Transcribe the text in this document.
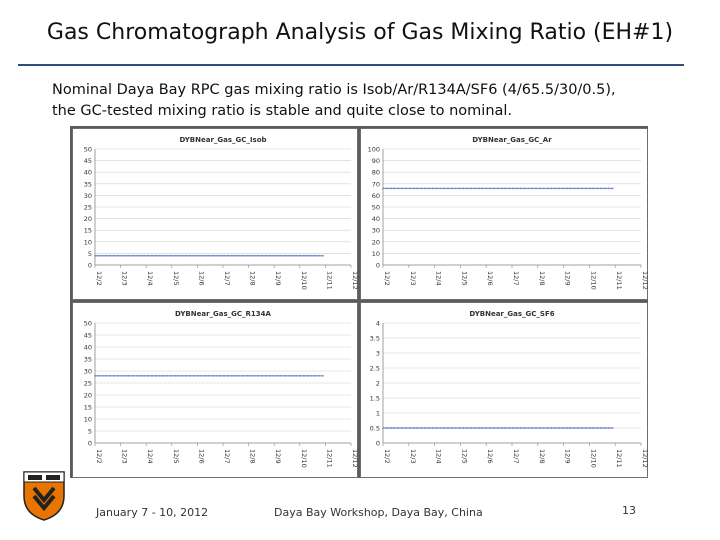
Gas Chromatograph Analysis of Gas Mixing Ratio (EH#1)

Nominal Daya Bay RPC gas mixing ratio is Isob/Ar/R134A/SF6 (4/65.5/30/0.5),

the GC-tested mixing ratio is stable and quite close to nominal.

DYBNear_Gas_GC_Isob
0
5
10
15
20
25
30
35
40
45
50
12/2	12/3	12/4	12/5	12/6	12/7	12/8	12/9	12/10	12/11	12/12
DYBNear_Gas_GC_Ar
0
10
20
30
40
50
60
70
80
90
100
12/2	12/3	12/4	12/5	12/6	12/7	12/8	12/9	12/10	12/11	12/12
DYBNear_Gas_GC_R134A
0
5
10
15
20
25
30
35
40
45
50
12/2	12/3	12/4	12/5	12/6	12/7	12/8	12/9	12/10	12/11	12/12
DYBNear_Gas_GC_SF6
0
0.5
1
1.5
2
2.5
3
3.5
4
12/2	12/3	12/4	12/5	12/6	12/7	12/8	12/9	12/10	12/11	12/12
January 7 - 10, 2012	Daya Bay Workshop, Daya Bay, China	13
